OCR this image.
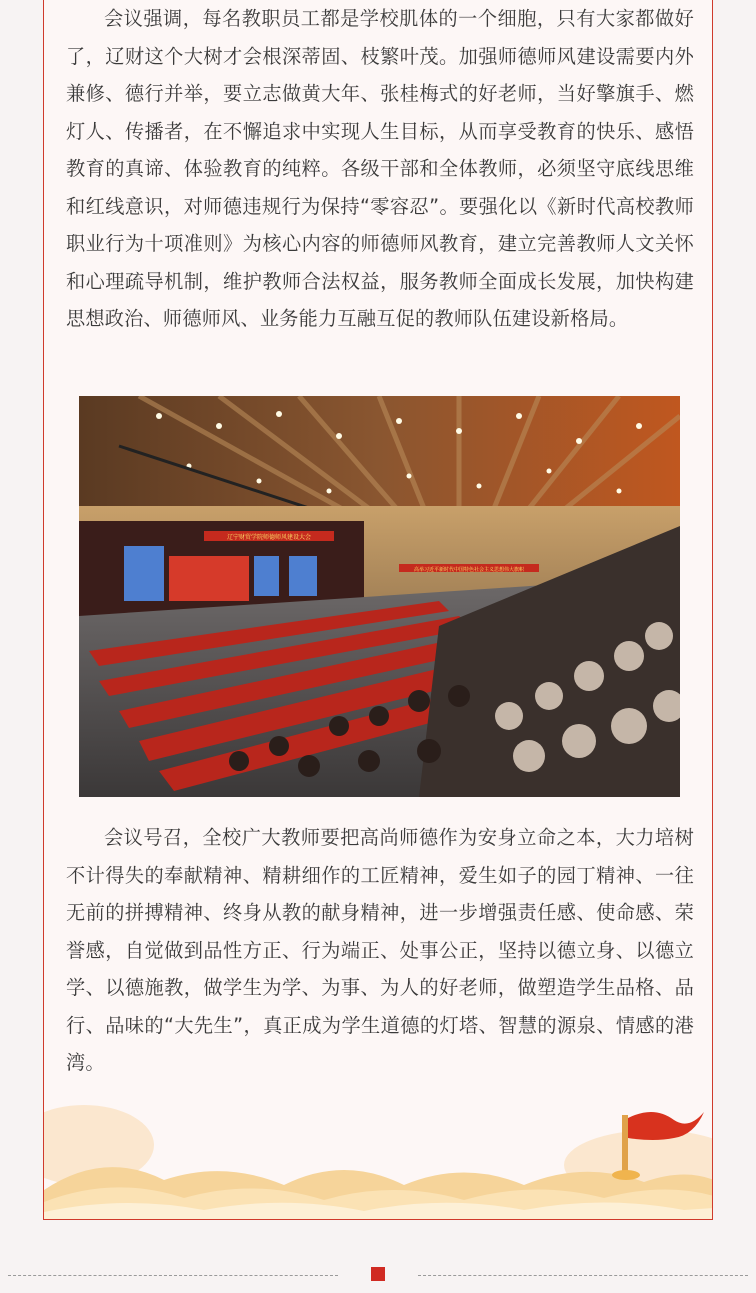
会议强调，每名教职员工都是学校肌体的一个细胞，只有大家都做好了，辽财这个大树才会根深蒂固、枝繁叶茂。加强师德师风建设需要内外兼修、德行并举，要立志做黄大年、张桂梅式的好老师，当好擎旗手、燃灯人、传播者，在不懈追求中实现人生目标，从而享受教育的快乐、感悟教育的真谛、体验教育的纯粹。各级干部和全体教师，必须坚守底线思维和红线意识，对师德违规行为保持“零容忍”。要强化以《新时代高校教师职业行为十项准则》为核心内容的师德师风教育，建立完善教师人文关怀和心理疏导机制，维护教师合法权益，服务教师全面成长发展，加快构建思想政治、师德师风、业务能力互融互促的教师队伍建设新格局。

辽宁财贸学院师德师风建设大会
高举习近平新时代中国特色社会主义思想伟大旗帜

会议号召，全校广大教师要把高尚师德作为安身立命之本，大力培树不计得失的奉献精神、精耕细作的工匠精神，爱生如子的园丁精神、一往无前的拼搏精神、终身从教的献身精神，进一步增强责任感、使命感、荣誉感，自觉做到品性方正、行为端正、处事公正，坚持以德立身、以德立学、以德施教，做学生为学、为事、为人的好老师，做塑造学生品格、品行、品味的“大先生”，真正成为学生道德的灯塔、智慧的源泉、情感的港湾。
